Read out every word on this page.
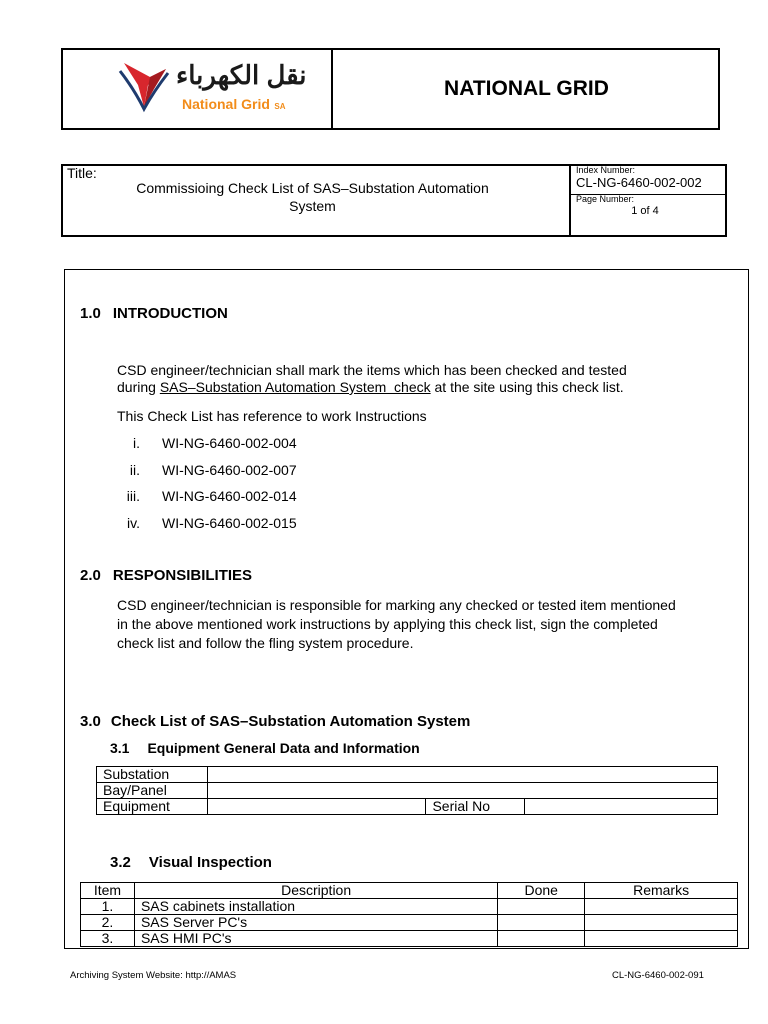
نقل الكهرباء
National Grid SA
NATIONAL GRID
Title:
Commissioing Check List of SAS–Substation Automation
System
Index Number:
CL-NG-6460-002-002
Page Number:
1 of 4
1.0 INTRODUCTION
CSD engineer/technician shall mark the items which has been checked and tested
during SAS–Substation Automation System  check at the site using this check list.
This Check List has reference to work Instructions
i. WI-NG-6460-002-004
ii. WI-NG-6460-002-007
iii. WI-NG-6460-002-014
iv. WI-NG-6460-002-015
2.0 RESPONSIBILITIES
CSD engineer/technician is responsible for marking any checked or tested item mentioned
in the above mentioned work instructions by applying this check list, sign the completed
check list and follow the fling system procedure.
3.0 Check List of SAS–Substation Automation System
3.1 Equipment General Data and Information
Substation			
Bay/Panel			
Equipment		Serial No	
3.2 Visual Inspection
Item	Description	Done	Remarks
1.	SAS cabinets installation		
2.	SAS Server PC's		
3.	SAS HMI PC's		
Archiving System Website: http://AMAS	CL-NG-6460-002-091
